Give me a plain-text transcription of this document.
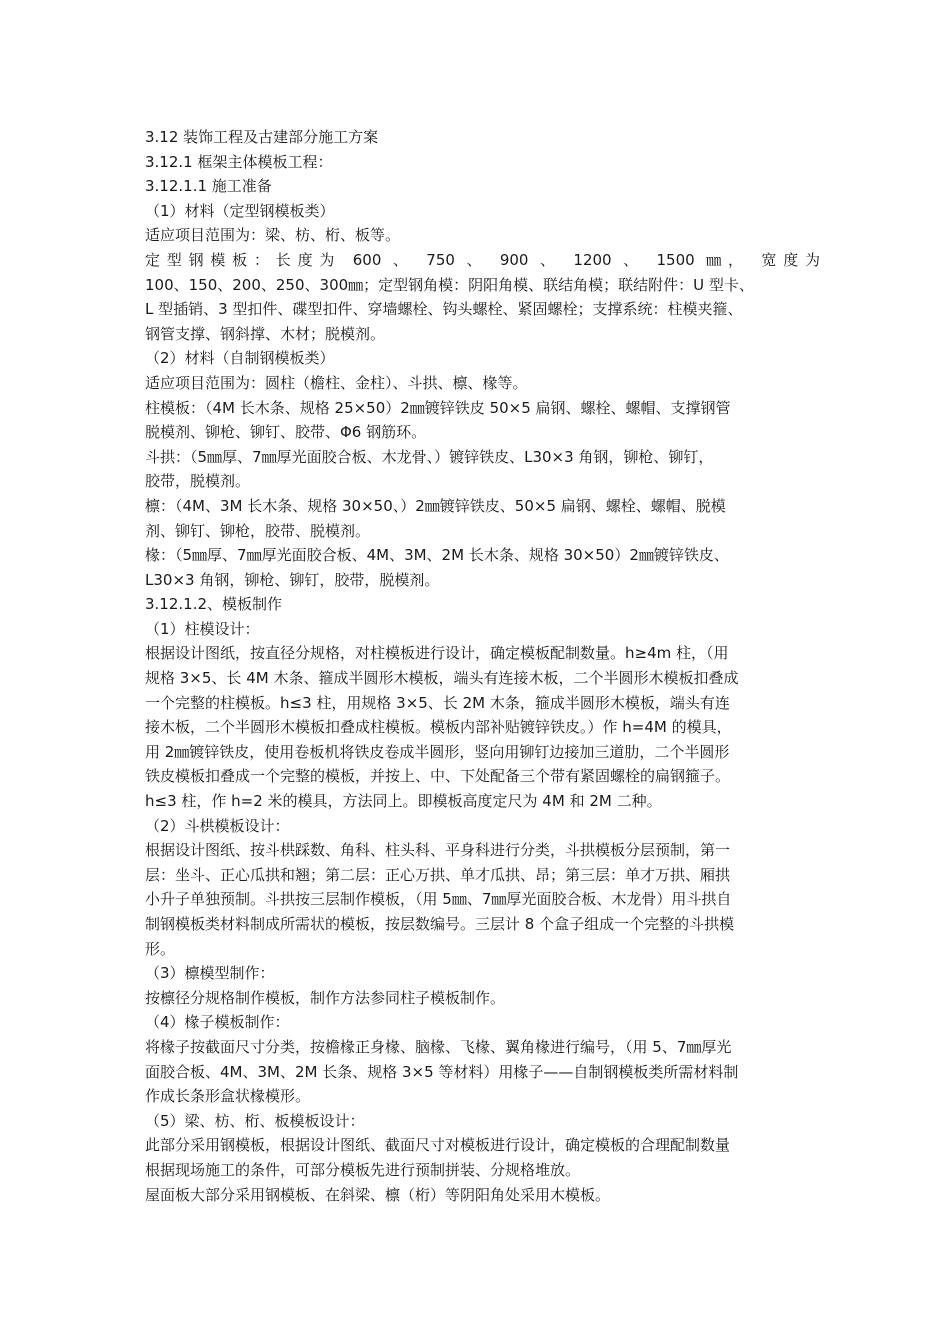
3.12 装饰工程及古建部分施工方案
3.12.1 框架主体模板工程：
3.12.1.1 施工准备
（1）材料（定型钢模板类）
适应项目范围为：梁、枋、桁、板等。
定型钢模板：长度为 600 、 750 、 900 、 1200 、 1500 ㎜， 宽度为
100、150、200、250、300㎜；定型钢角模：阴阳角模、联结角模；联结附件：U 型卡、
L 型插销、3 型扣件、碟型扣件、穿墙螺栓、钩头螺栓、紧固螺栓；支撑系统：柱模夹箍、
钢管支撑、钢斜撑、木材；脱模剂。
（2）材料（自制钢模板类）
适应项目范围为：圆柱（檐柱、金柱）、斗拱、檩、椽等。
柱模板：（4M 长木条、规格 25×50）2㎜镀锌铁皮 50×5 扁钢、螺栓、螺帽、支撑钢管
脱模剂、铆枪、铆钉、胶带、Φ6 钢筋环。
斗拱：（5㎜厚、7㎜厚光面胶合板、木龙骨、）镀锌铁皮、L30×3 角钢，铆枪、铆钉，
胶带，脱模剂。
檩：（4M、3M 长木条、规格 30×50、）2㎜镀锌铁皮、50×5 扁钢、螺栓、螺帽、脱模
剂、铆钉、铆枪，胶带、脱模剂。
椽：（5㎜厚、7㎜厚光面胶合板、4M、3M、2M 长木条、规格 30×50）2㎜镀锌铁皮、
L30×3 角钢，铆枪、铆钉，胶带，脱模剂。
3.12.1.2、模板制作
（1）柱模设计：
根据设计图纸，按直径分规格，对柱模板进行设计，确定模板配制数量。h≥4m 柱，（用
规格 3×5、长 4M 木条、箍成半圆形木模板，端头有连接木板，二个半圆形木模板扣叠成
一个完整的柱模板。h≤3 柱，用规格 3×5、长 2M 木条，箍成半圆形木模板，端头有连
接木板，二个半圆形木模板扣叠成柱模板。模板内部补贴镀锌铁皮。）作 h=4M 的模具，
用 2㎜镀锌铁皮，使用卷板机将铁皮卷成半圆形，竖向用铆钉边接加三道肋，二个半圆形
铁皮模板扣叠成一个完整的模板，并按上、中、下处配备三个带有紧固螺栓的扁钢箍子。
h≤3 柱，作 h=2 米的模具，方法同上。即模板高度定尺为 4M 和 2M 二种。
（2）斗栱模板设计：
根据设计图纸、按斗栱踩数、角科、柱头科、平身科进行分类，斗拱模板分层预制，第一
层：坐斗、正心瓜拱和翘；第二层：正心万拱、单才瓜拱、昂；第三层：单才万拱、厢拱
小升子单独预制。斗拱按三层制作模板，（用 5㎜、7㎜厚光面胶合板、木龙骨）用斗拱自
制钢模板类材料制成所需状的模板，按层数编号。三层计 8 个盒子组成一个完整的斗拱模
形。
（3）檩模型制作：
按檩径分规格制作模板，制作方法参同柱子模板制作。
（4）椽子模板制作：
将椽子按截面尺寸分类，按檐椽正身椽、脑椽、飞椽、翼角椽进行编号，（用 5、7㎜厚光
面胶合板、4M、3M、2M 长条、规格 3×5 等材料）用椽子——自制钢模板类所需材料制
作成长条形盒状椽模形。
（5）梁、枋、桁、板模板设计：
此部分采用钢模板，根据设计图纸、截面尺寸对模板进行设计，确定模板的合理配制数量
根据现场施工的条件，可部分模板先进行预制拼装、分规格堆放。
屋面板大部分采用钢模板、在斜梁、檩（桁）等阴阳角处采用木模板。
